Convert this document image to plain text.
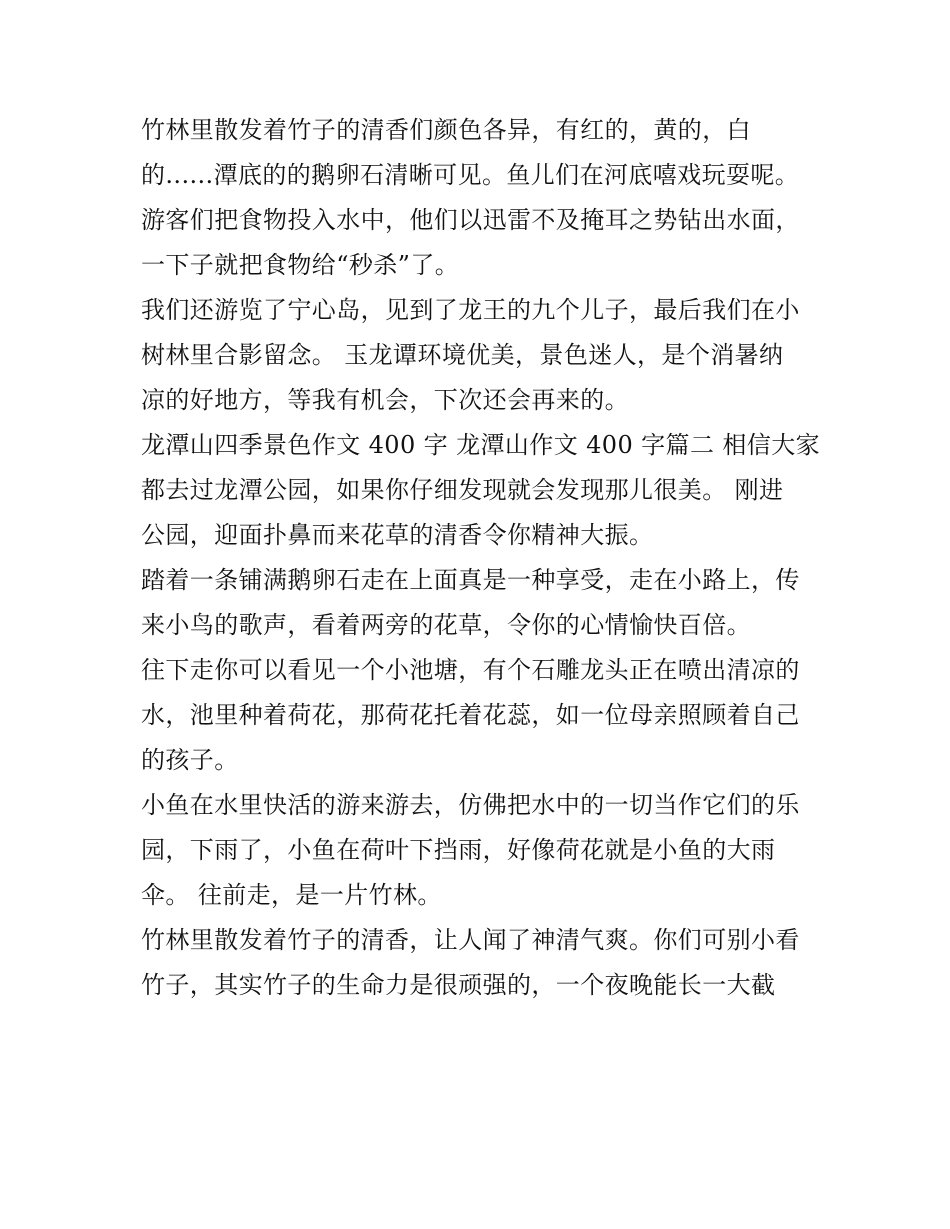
竹林里散发着竹子的清香们颜色各异，有红的，黄的，白
的......潭底的的鹅卵石清晰可见。鱼儿们在河底嘻戏玩耍呢。
游客们把食物投入水中，他们以迅雷不及掩耳之势钻出水面，
一下子就把食物给“秒杀”了。
我们还游览了宁心岛，见到了龙王的九个儿子，最后我们在小
树林里合影留念。 玉龙谭环境优美，景色迷人，是个消暑纳
凉的好地方，等我有机会，下次还会再来的。
龙潭山四季景色作文 400 字 龙潭山作文 400 字篇二 相信大家
都去过龙潭公园，如果你仔细发现就会发现那儿很美。 刚进
公园，迎面扑鼻而来花草的清香令你精神大振。
踏着一条铺满鹅卵石走在上面真是一种享受，走在小路上，传
来小鸟的歌声，看着两旁的花草，令你的心情愉快百倍。
往下走你可以看见一个小池塘，有个石雕龙头正在喷出清凉的
水，池里种着荷花，那荷花托着花蕊，如一位母亲照顾着自己
的孩子。
小鱼在水里快活的游来游去，仿佛把水中的一切当作它们的乐
园，下雨了，小鱼在荷叶下挡雨，好像荷花就是小鱼的大雨
伞。 往前走，是一片竹林。
竹林里散发着竹子的清香，让人闻了神清气爽。你们可别小看
竹子，其实竹子的生命力是很顽强的，一个夜晚能长一大截
